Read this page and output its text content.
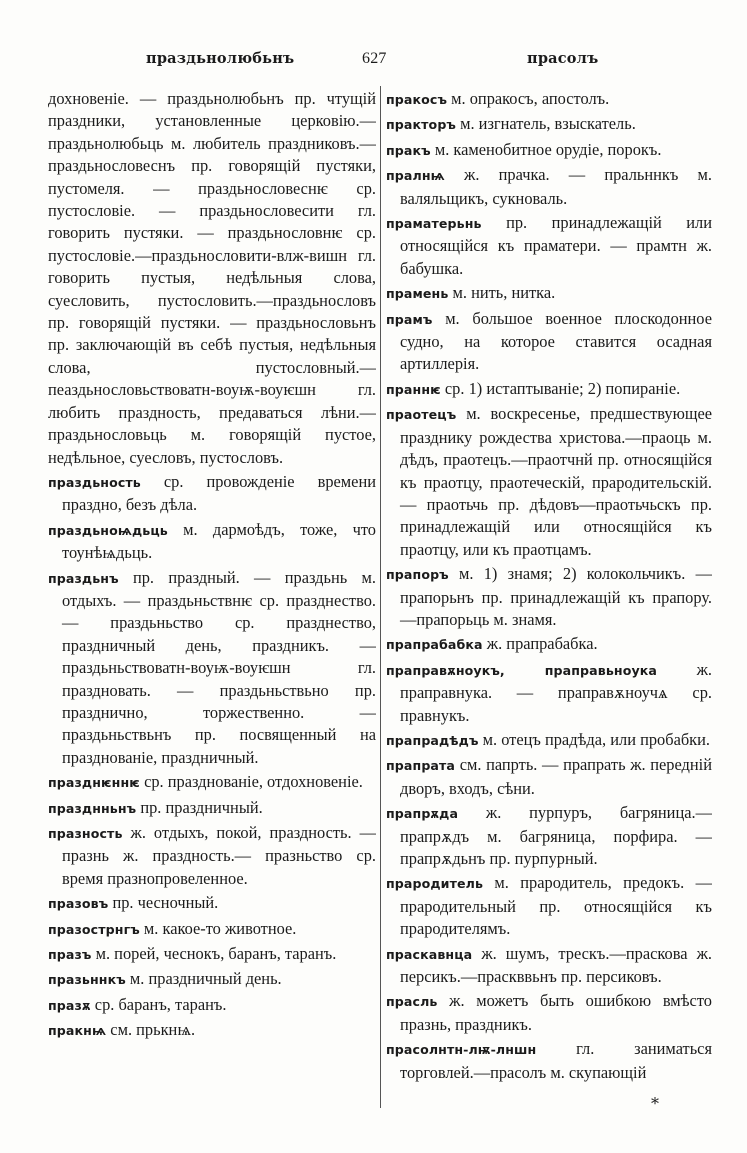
праздьнолюбьнъ	627	прасолъ
дохновеніе. — праздьнолюбьнъ пр. чтущій праздники, установленные церковію.—праздьнолюбьць м. любитель праздниковъ.—праздьнословеснъ пр. говорящій пустяки, пустомеля. — праздьнословеснѥ ср. пустословіе. — праздьнословесити гл. говорить пустяки. — праздьнословнѥ ср. пустословіе.—праздьнословити-влж-вишн гл. говорить пустыя, недѣльныя слова, суесловить, пустословить.—праздьнословъ пр. говорящій пустяки. — праздьнословьнъ пр. заключающій въ себѣ пустыя, недѣльныя слова, пустословный.—пеаздьнословьствоватн-воуѭ-воуѥшн гл. любить праздность, предаваться лѣни.—праздьнословьць м. говорящій пустое, недѣльное, суесловъ, пустословъ.
праздьность ср. провожденіе времени праздно, безъ дѣла.
праздьноѩдьць м. дармоѣдъ, тоже, что тоунѣѩдьць.
праздьнъ пр. праздный. — праздьнь м. отдыхъ. — праздьньствнѥ ср. празднество. — праздьньство ср. празднество, праздничный день, праздникъ. — праздьньствоватн-воуѭ-воуѥшн гл. праздновать. — праздьньствьно пр. празднично, торжественно. — праздьньствьнъ пр. посвященный на празднованіе, праздничный.
празднѥннѥ ср. празднованіе, отдохновеніе.
празднньнъ пр. праздничный.
празность ж. отдыхъ, покой, праздность. — празнь ж. праздность.— празньство ср. время празнопровеленное.
празовъ пр. чесночный.
празострнгъ м. какое-то животное.
празъ м. порей, чеснокъ, баранъ, таранъ.
празьннкъ м. праздничный день.
празѫ ср. баранъ, таранъ.
пракнѩ см. прькнѩ.
пракосъ м. опракосъ, апостолъ.
практоръ м. изгнатель, взыскатель.
пракъ м. каменобитное орудіе, порокъ.
пралнѩ ж. прачка. — пральннкъ м. валяльщикъ, сукноваль.
праматерьнь пр. принадлежащій или относящійся къ праматери. — прамтн ж. бабушка.
прамень м. нить, нитка.
прамъ м. большое военное плоскодонное судно, на которое ставится осадная артиллерія.
праннѥ ср. 1) истаптываніе; 2) попираніе.
праотецъ м. воскресенье, предшествующее празднику рождества христова.—праоць м. дѣдъ, праотецъ.—праотчнй пр. относящійся къ праотцу, праотеческій, прародительскій. — праотьчь пр. дѣдовъ—праотьчьскъ пр. принадлежащій или относящійся къ праотцу, или къ праотцамъ.
прапоръ м. 1) знамя; 2) колокольчикъ. —прапорьнъ пр. принадлежащій къ прапору.—прапорьць м. знамя.
прапрабабка ж. прапрабабка.
праправѫноукъ, праправьноука ж. праправнука. — праправѫноучѧ ср. правнукъ.
прапрадѣдъ м. отецъ прадѣда, или пробабки.
прапрата см. папрть. — прапрать ж. передній дворъ, входъ, сѣни.
прапрѫда ж. пурпуръ, багряница.— прапрѫдъ м. багряница, порфира. —прапрѫдьнъ пр. пурпурный.
прародитель м. прародитель, предокъ. —прародительный пр. относящійся къ прародителямъ.
праскавнца ж. шумъ, трескъ.—праскова ж. персикъ.—праскввьнъ пр. персиковъ.
прасль ж. можетъ быть ошибкою вмѣсто празнь, праздникъ.
прасолнтн-лѭ-лншн гл. заниматься торговлей.—прасолъ м. скупающій
*
